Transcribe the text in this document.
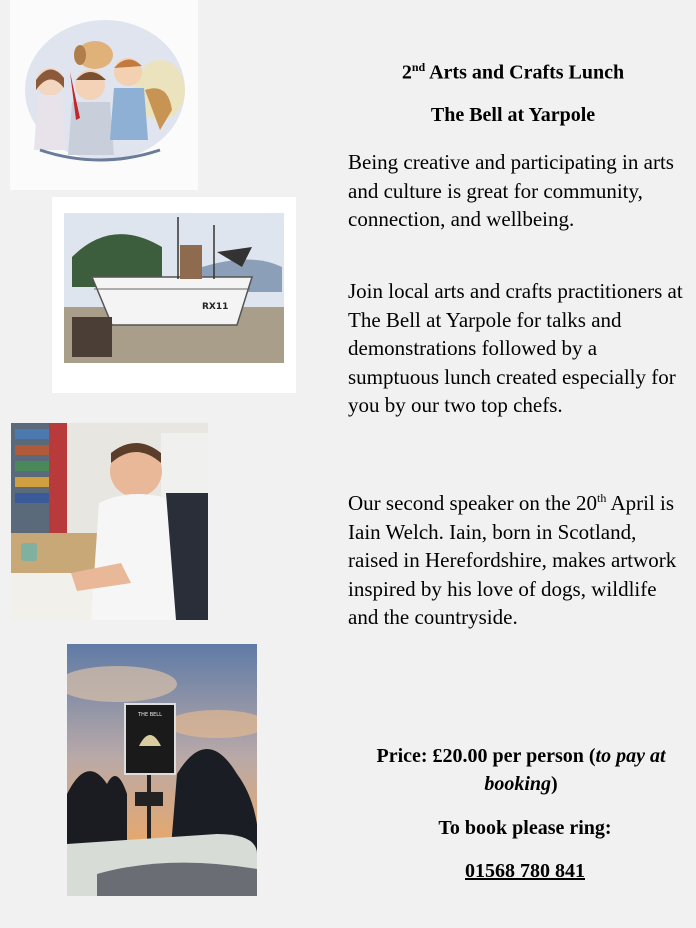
RX11
THE BELL
2nd Arts and Crafts Lunch
The Bell at Yarpole

Being creative and participating in arts and culture is great for community, connection, and wellbeing.

Join local arts and crafts practitioners at The Bell at Yarpole for talks and demonstrations followed by a sumptuous lunch created especially for you by our two top chefs.

Our second speaker on the 20th April is Iain Welch. Iain, born in Scotland, raised in Herefordshire, makes artwork inspired by his love of dogs, wildlife and the countryside.

Price: £20.00 per person (to pay at booking)

To book please ring:

01568 780 841
